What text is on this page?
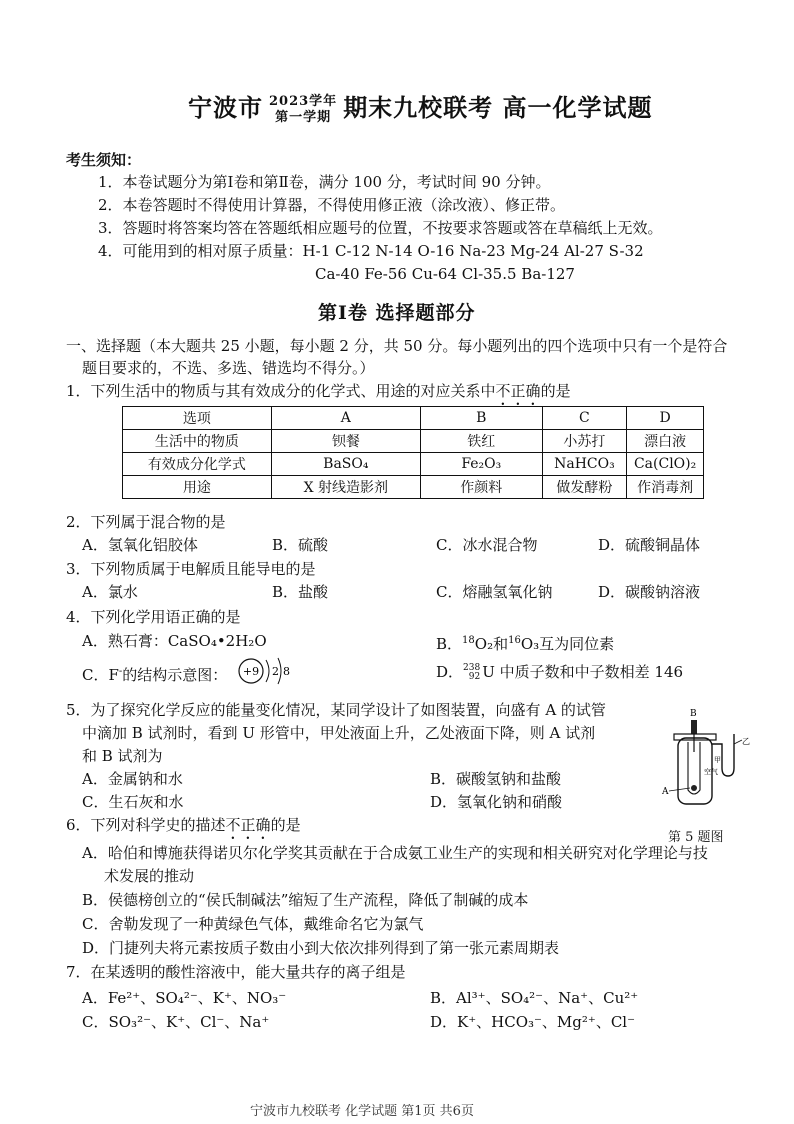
宁波市 2023学年
第一学期 期末九校联考 高一化学试题
考生须知：
1．本卷试题分为第Ⅰ卷和第Ⅱ卷，满分 100 分，考试时间 90 分钟。
2．本卷答题时不得使用计算器，不得使用修正液（涂改液）、修正带。
3．答题时将答案均答在答题纸相应题号的位置，不按要求答题或答在草稿纸上无效。
4．可能用到的相对原子质量：H-1 C-12 N-14 O-16 Na-23 Mg-24 Al-27 S-32
Ca-40 Fe-56 Cu-64 Cl-35.5 Ba-127
第Ⅰ卷 选择题部分
一、选择题（本大题共 25 小题，每小题 2 分，共 50 分。每小题列出的四个选项中只有一个是符合
题目要求的，不选、多选、错选均不得分。）
1．下列生活中的物质与其有效成分的化学式、用途的对应关系中不正确的是
选项	A	B	C	D
生活中的物质	钡餐	铁红	小苏打	漂白液
有效成分化学式	BaSO₄	Fe₂O₃	NaHCO₃	Ca(ClO)₂
用途	X 射线造影剂	作颜料	做发酵粉	作消毒剂
2．下列属于混合物的是
A．氢氧化铝胶体	B．硫酸	C．冰水混合物	D．硫酸铜晶体
3．下列物质属于电解质且能导电的是
A．氯水	B．盐酸	C．熔融氢氧化钠	D．碳酸钠溶液
4．下列化学用语正确的是
A．熟石膏：CaSO₄•2H₂O	B．$^{18}$O₂和$^{16}$O₃互为同位素
C．F-的结构示意图： +9 2 8	D． 238
92 U 中质子数和中子数相差 146
5．为了探究化学反应的能量变化情况，某同学设计了如图装置，向盛有 A 的试管
中滴加 B 试剂时，看到 U 形管中，甲处液面上升，乙处液面下降，则 A 试剂
和 B 试剂为
A．金属钠和水	B．碳酸氢钠和盐酸
C．生石灰和水	D．氢氧化钠和硝酸
B
空气
A
乙
甲
第 5 题图
6．下列对科学史的描述不正确的是
A．哈伯和博施获得诺贝尔化学奖其贡献在于合成氨工业生产的实现和相关研究对化学理论与技
术发展的推动
B．侯德榜创立的“侯氏制碱法”缩短了生产流程，降低了制碱的成本
C．舍勒发现了一种黄绿色气体，戴维命名它为氯气
D．门捷列夫将元素按质子数由小到大依次排列得到了第一张元素周期表
7．在某透明的酸性溶液中，能大量共存的离子组是
A．Fe²⁺、SO₄²⁻、K⁺、NO₃⁻	B．Al³⁺、SO₄²⁻、Na⁺、Cu²⁺
C．SO₃²⁻、K⁺、Cl⁻、Na⁺	D．K⁺、HCO₃⁻、Mg²⁺、Cl⁻
宁波市九校联考 化学试题 第1页 共6页
